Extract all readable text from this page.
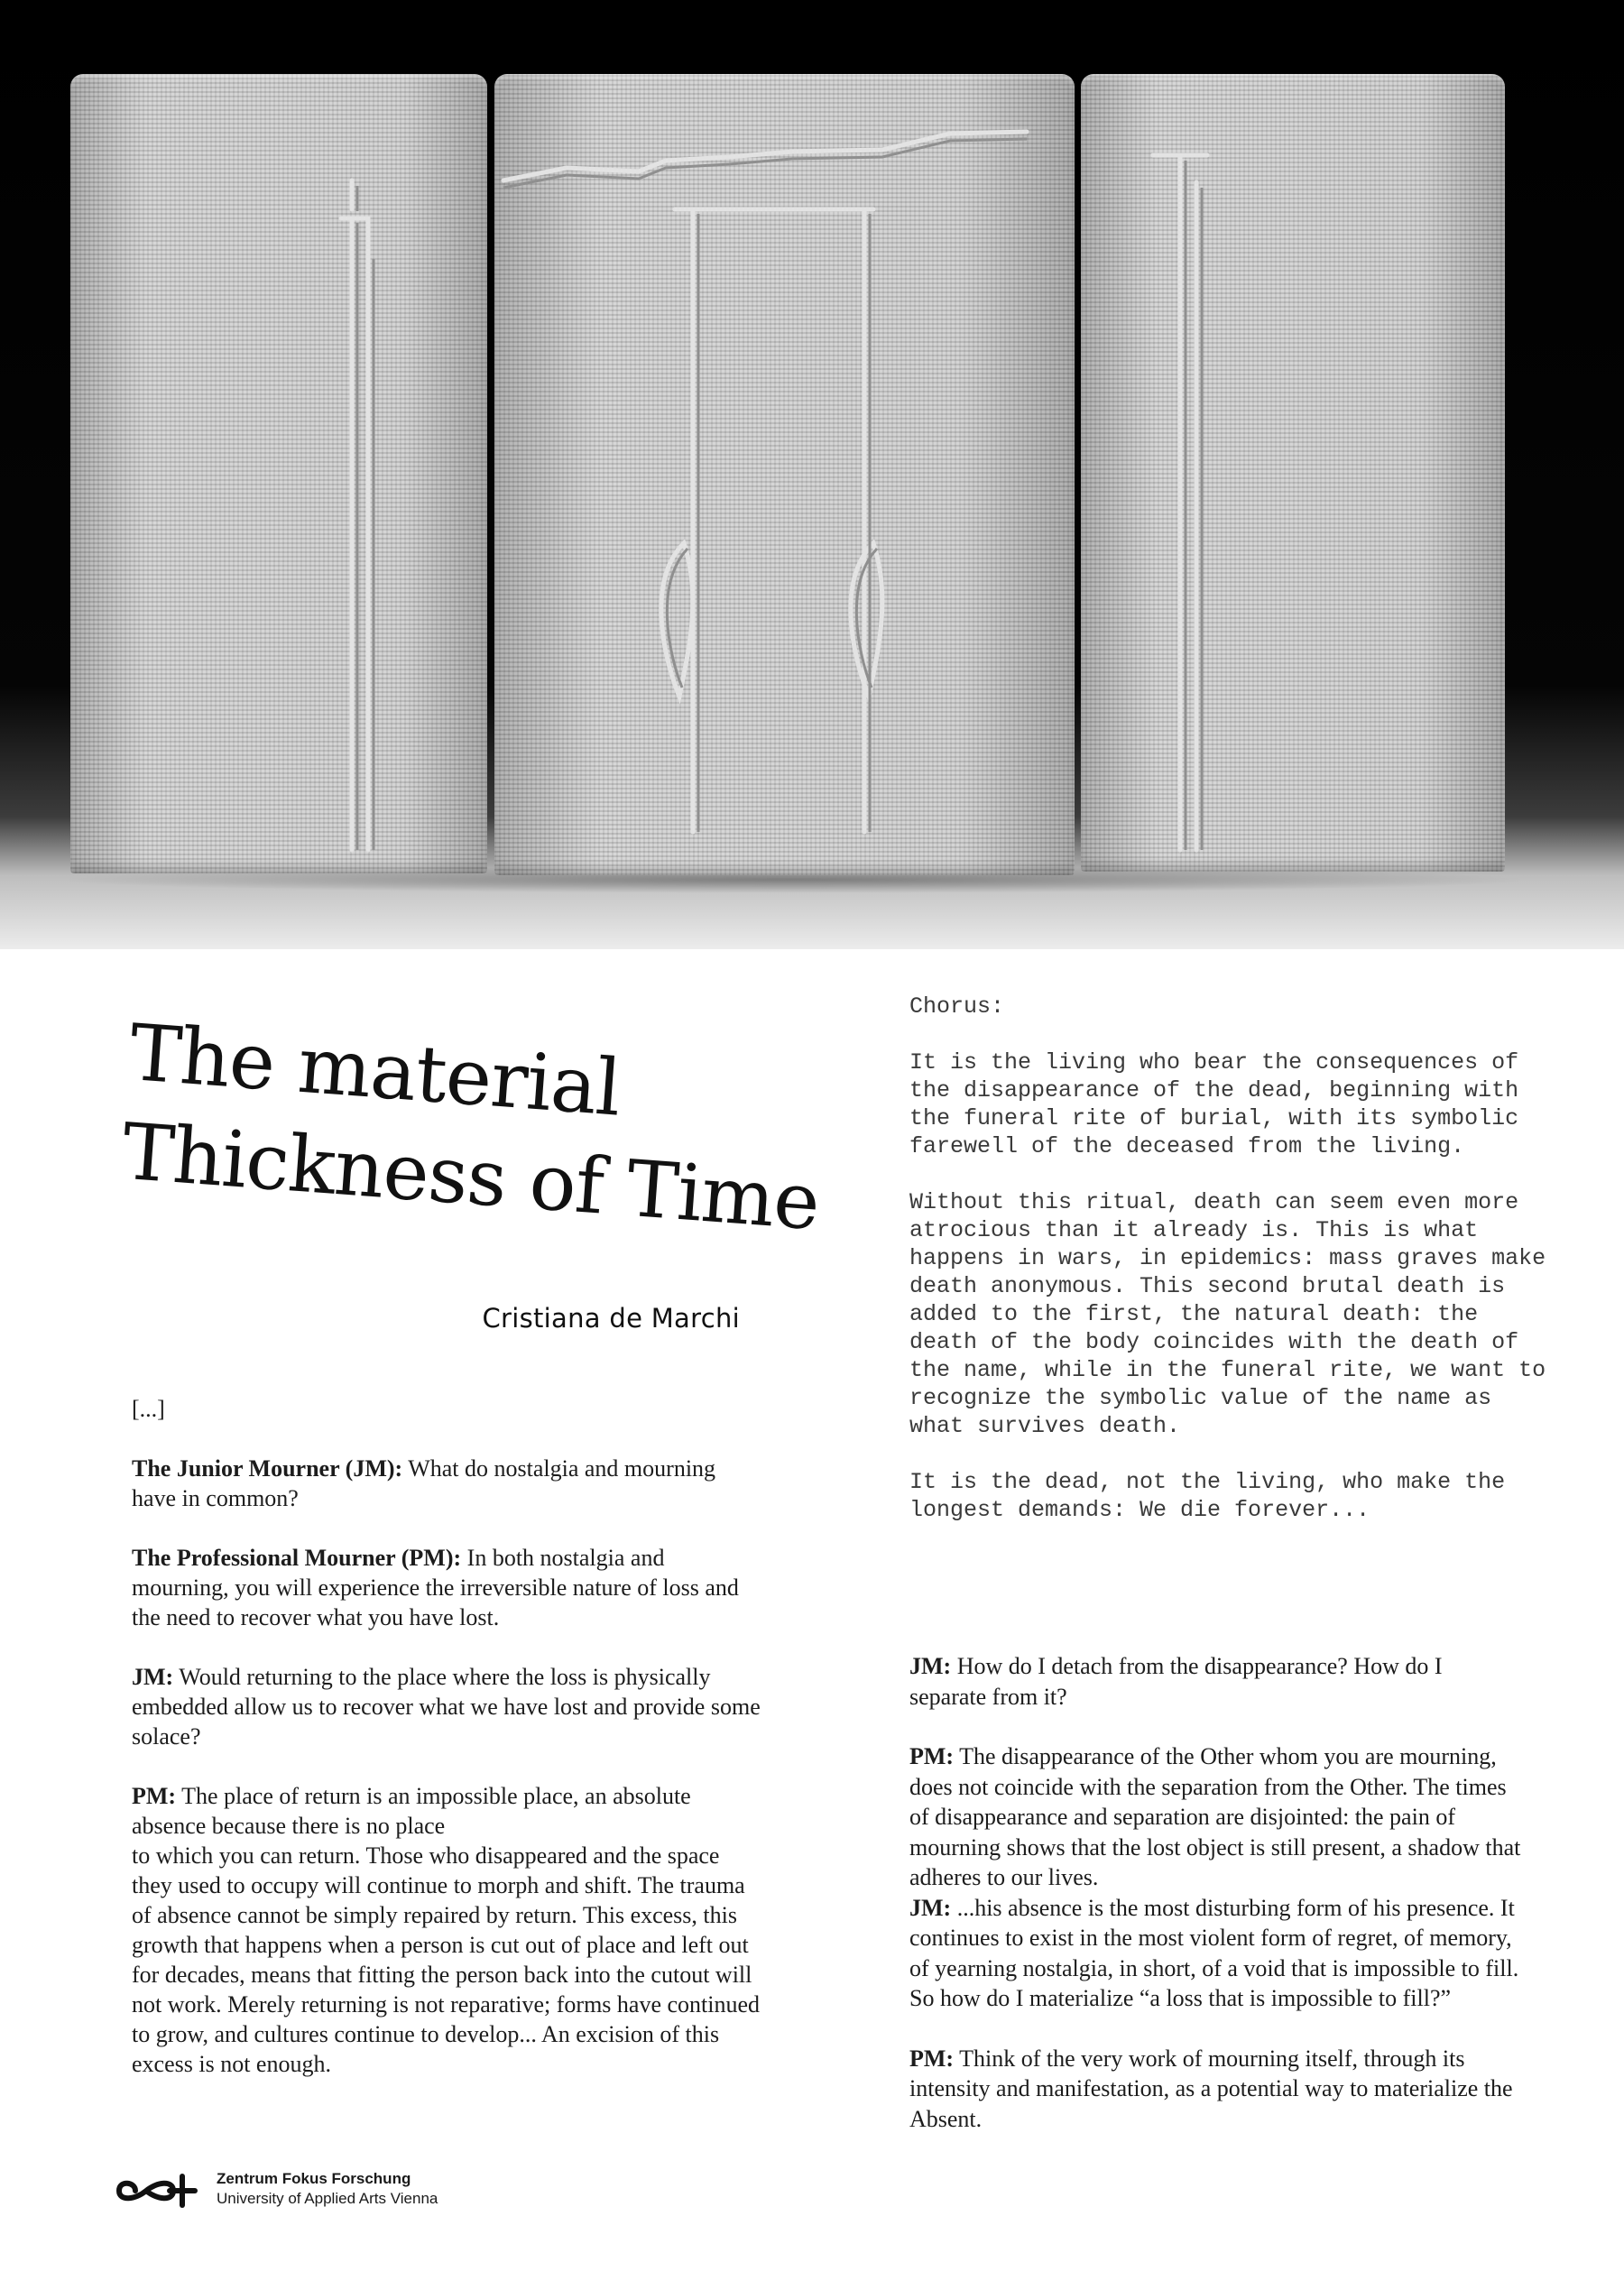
The material
Thickness of Time
Cristiana de Marchi

[...]

The Junior Mourner (JM): What do nostalgia and mourning have in common?

The Professional Mourner (PM): In both nostalgia and mourning, you will experience the irreversible nature of loss and the need to recover what you have lost.

JM: Would returning to the place where the loss is physically embedded allow us to recover what we have lost and provide some solace?

PM: The place of return is an impossible place, an absolute absence because there is no place
to which you can return. Those who disappeared and the space they used to occupy will continue to morph and shift. The trauma of absence cannot be simply repaired by return. This excess, this growth that happens when a person is cut out of place and left out for decades, means that fitting the person back into the cutout will not work. Merely returning is not reparative; forms have continued to grow, and cultures continue to develop... An excision of this excess is not enough.

Chorus:

It is the living who bear the consequences of the disappearance of the dead, beginning with the funeral rite of burial, with its symbolic farewell of the deceased from the living.

Without this ritual, death can seem even more atrocious than it already is. This is what happens in wars, in epidemics: mass graves make death anonymous. This second brutal death is added to the first, the natural death: the death of the body coincides with the death of the name, while in the funeral rite, we want to recognize the symbolic value of the name as what survives death.

It is the dead, not the living, who make the longest demands: We die forever...

JM: How do I detach from the disappearance? How do I separate from it?

PM: The disappearance of the Other whom you are mourning, does not coincide with the separation from the Other. The times of disappearance and separation are disjointed: the pain of mourning shows that the lost object is still present, a shadow that adheres to our lives.

JM: ...his absence is the most disturbing form of his presence. It continues to exist in the most violent form of regret, of memory, of yearning nostalgia, in short, of a void that is impossible to fill. So how do I materialize “a loss that is impossible to fill?”

PM: Think of the very work of mourning itself, through its intensity and manifestation, as a potential way to materialize the Absent.

Zentrum Fokus Forschung
University of Applied Arts Vienna
